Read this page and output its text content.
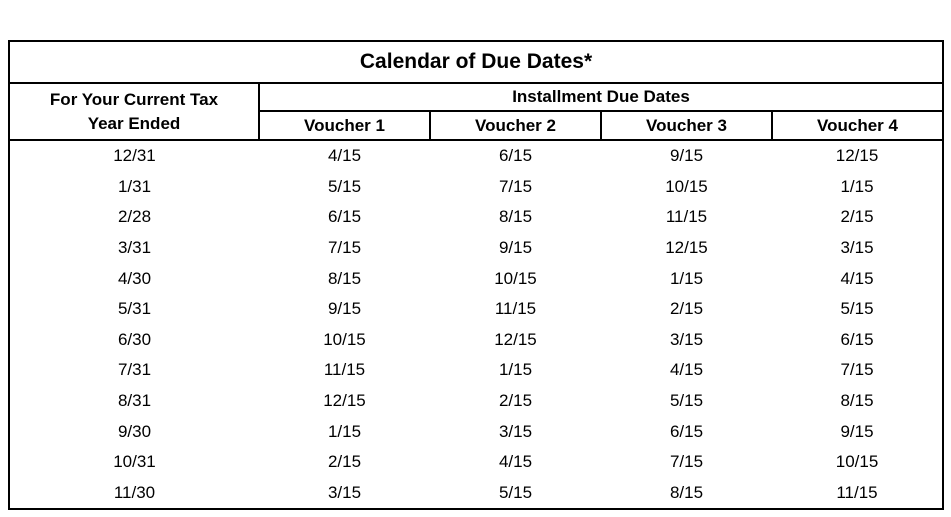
Calendar of Due Dates*				
For Your Current Tax
Year Ended	Installment Due Dates			
	Voucher 1	Voucher 2	Voucher 3	Voucher 4
12/31	4/15	6/15	9/15	12/15
1/31	5/15	7/15	10/15	1/15
2/28	6/15	8/15	11/15	2/15
3/31	7/15	9/15	12/15	3/15
4/30	8/15	10/15	1/15	4/15
5/31	9/15	11/15	2/15	5/15
6/30	10/15	12/15	3/15	6/15
7/31	11/15	1/15	4/15	7/15
8/31	12/15	2/15	5/15	8/15
9/30	1/15	3/15	6/15	9/15
10/31	2/15	4/15	7/15	10/15
11/30	3/15	5/15	8/15	11/15
